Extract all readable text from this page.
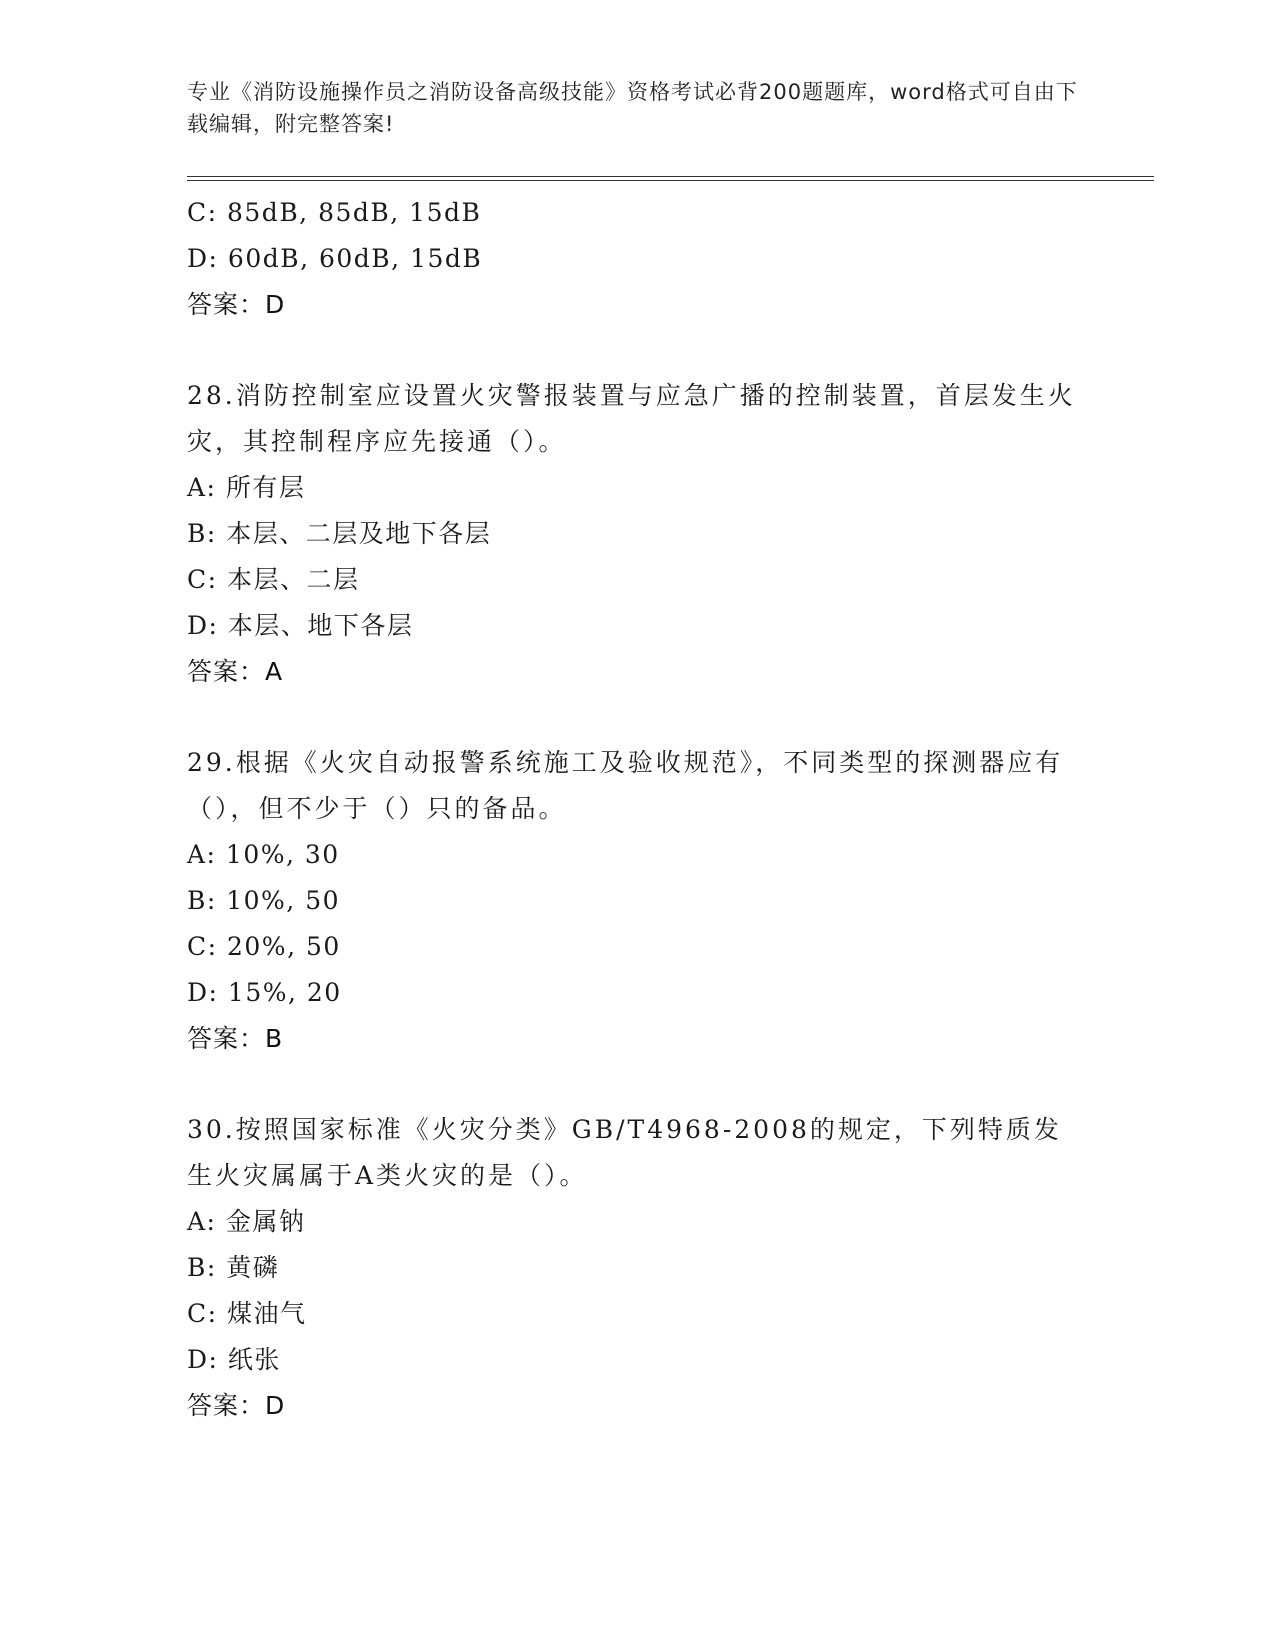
专业《消防设施操作员之消防设备高级技能》资格考试必背200题题库，word格式可自由下载编辑，附完整答案!
C: 85dB, 85dB, 15dB
D: 60dB, 60dB, 15dB
答案：D
28.消防控制室应设置火灾警报装置与应急广播的控制装置，首层发生火灾，其控制程序应先接通（）。
A: 所有层
B: 本层、二层及地下各层
C: 本层、二层
D: 本层、地下各层
答案：A
29.根据《火灾自动报警系统施工及验收规范》，不同类型的探测器应有（），但不少于（）只的备品。
A: 10%, 30
B: 10%, 50
C: 20%, 50
D: 15%, 20
答案：B
30.按照国家标准《火灾分类》GB/T4968-2008的规定，下列特质发生火灾属属于A类火灾的是（）。
A: 金属钠
B: 黄磷
C: 煤油气
D: 纸张
答案：D
